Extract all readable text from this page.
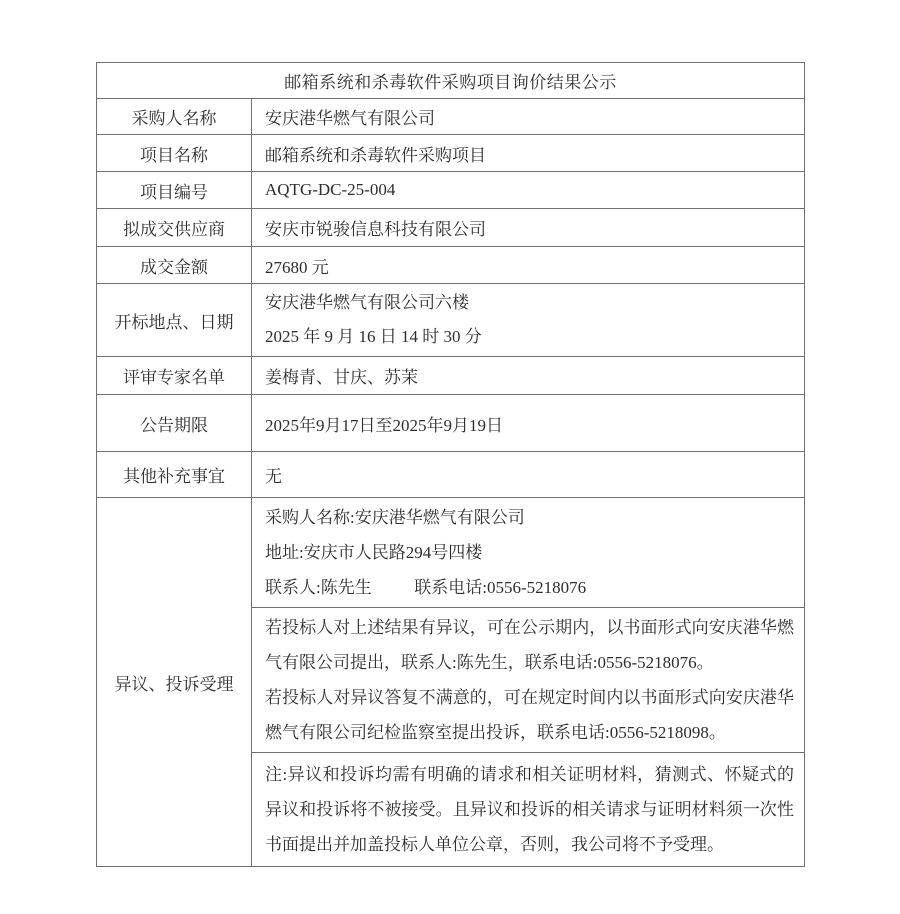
邮箱系统和杀毒软件采购项目询价结果公示	
采购人名称	安庆港华燃气有限公司
项目名称	邮箱系统和杀毒软件采购项目
项目编号	AQTG-DC-25-004
拟成交供应商	安庆市锐骏信息科技有限公司
成交金额	27680 元
开标地点、日期	安庆港华燃气有限公司六楼
2025 年 9 月 16 日 14 时 30 分

评审专家名单	姜梅青、甘庆、苏茉
公告期限	2025年9月17日至2025年9月19日
其他补充事宜	无
异议、投诉受理	采购人名称:安庆港华燃气有限公司
地址:安庆市人民路294号四楼
联系人:陈先生          联系电话:0556-5218076

	若投标人对上述结果有异议，可在公示期内，以书面形式向安庆港华燃气有限公司提出，联系人:陈先生，联系电话:0556-5218076。
若投标人对异议答复不满意的，可在规定时间内以书面形式向安庆港华燃气有限公司纪检监察室提出投诉，联系电话:0556-5218098。

	注:异议和投诉均需有明确的请求和相关证明材料，猜测式、怀疑式的异议和投诉将不被接受。且异议和投诉的相关请求与证明材料须一次性书面提出并加盖投标人单位公章，否则，我公司将不予受理。
